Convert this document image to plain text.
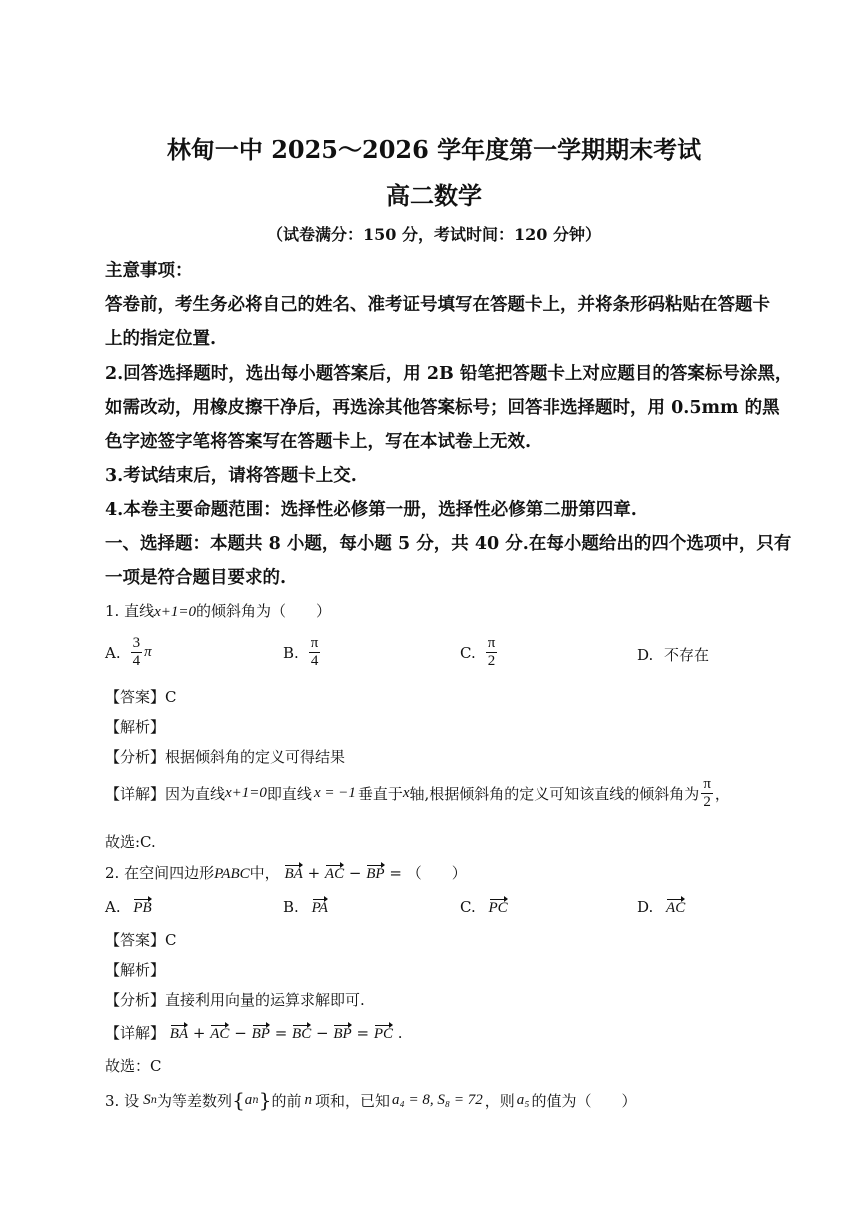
林甸一中 2025～2026 学年度第一学期期末考试
高二数学
（试卷满分：150 分，考试时间：120 分钟）
主意事项：
答卷前，考生务必将自己的姓名、准考证号填写在答题卡上，并将条形码粘贴在答题卡
上的指定位置.
2.回答选择题时，选出每小题答案后，用 2B 铅笔把答题卡上对应题目的答案标号涂黑，
如需改动，用橡皮擦干净后，再选涂其他答案标号；回答非选择题时，用 0.5mm 的黑
色字迹签字笔将答案写在答题卡上，写在本试卷上无效.
3.考试结束后，请将答题卡上交.
4.本卷主要命题范围：选择性必修第一册，选择性必修第二册第四章.
一、选择题：本题共 8 小题，每小题 5 分，共 40 分.在每小题给出的四个选项中，只有
一项是符合题目要求的.
1. 直线x+1=0的倾斜角为（　　）
A. $\frac{3}{4}$ π	B. $\frac{\pi}{4}$	C. $\frac{\pi}{2}$	D. 不存在
【答案】C
【解析】
【分析】根据倾斜角的定义可得结果
【详解】因为直线 x+1=0 即直线 x = −1 垂直于 x 轴,根据倾斜角的定义可知该直线的倾斜角为 $\frac{\pi}{2}$ ，
故选:C.
2. 在空间四边形PABC中， BA + AC − BP = （　　）
A. PB	B. PA	C. PC	D. AC
【答案】C
【解析】
【分析】直接利用向量的运算求解即可.
【详解】 BA + AC − BP = BC − BP = PC .
故选：C
3. 设 S n 为等差数列 { a n } 的前 n 项和，已知 a₄ = 8, S₈ = 72 ，则 a₅ 的值为（　　）
